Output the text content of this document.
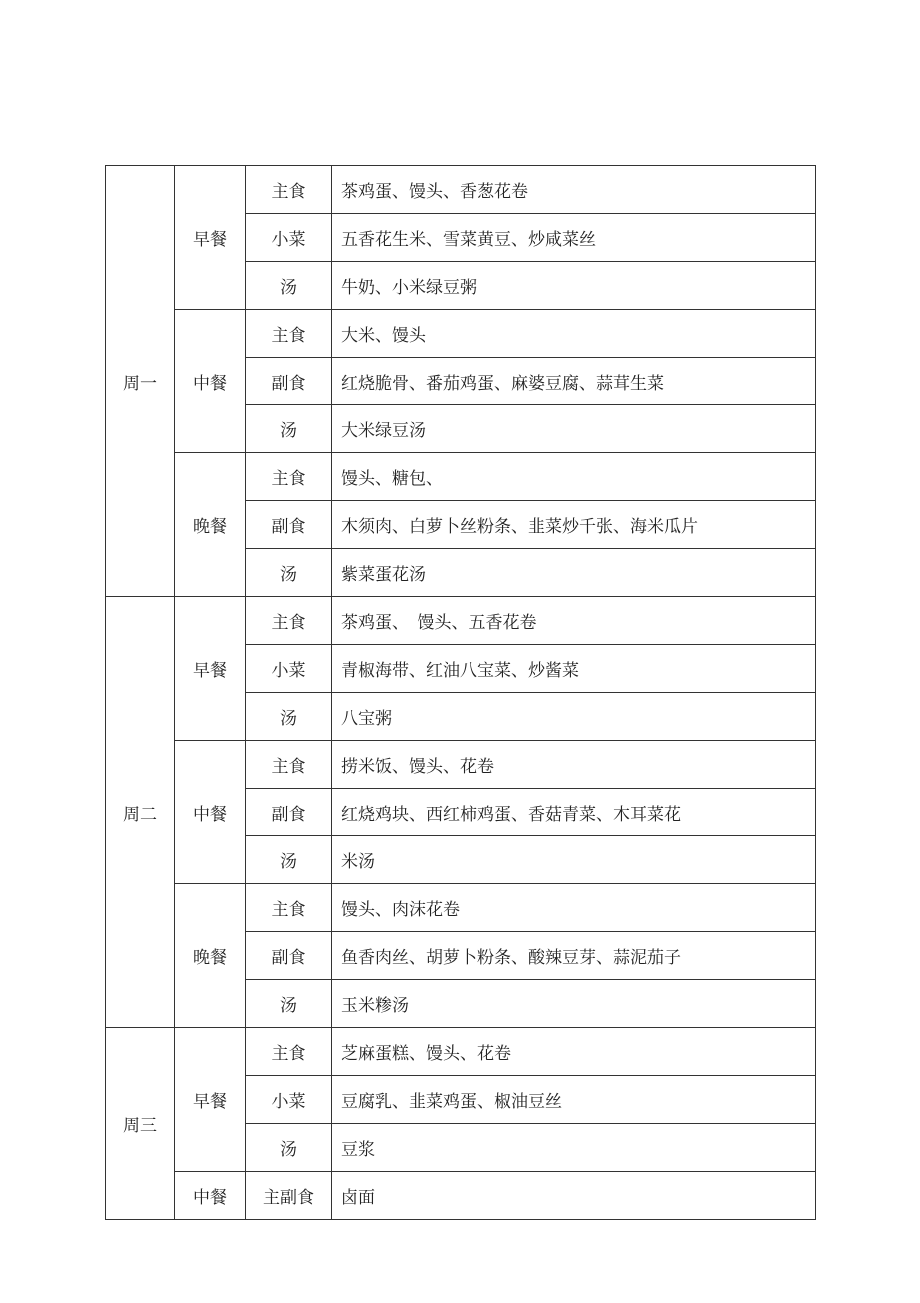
周一	早餐	主食	茶鸡蛋、馒头、香葱花卷
		小菜	五香花生米、雪菜黄豆、炒咸菜丝
		汤	牛奶、小米绿豆粥
	中餐	主食	大米、馒头
		副食	红烧脆骨、番茄鸡蛋、麻婆豆腐、蒜茸生菜
		汤	大米绿豆汤
	晚餐	主食	馒头、糖包、
		副食	木须肉、白萝卜丝粉条、韭菜炒千张、海米瓜片
		汤	紫菜蛋花汤
周二	早餐	主食	茶鸡蛋、　馒头、五香花卷
		小菜	青椒海带、红油八宝菜、炒酱菜
		汤	八宝粥
	中餐	主食	捞米饭、馒头、花卷
		副食	红烧鸡块、西红柿鸡蛋、香菇青菜、木耳菜花
		汤	米汤
	晚餐	主食	馒头、肉沫花卷
		副食	鱼香肉丝、胡萝卜粉条、酸辣豆芽、蒜泥茄子
		汤	玉米糁汤
周三	早餐	主食	芝麻蛋糕、馒头、花卷
		小菜	豆腐乳、韭菜鸡蛋、椒油豆丝
		汤	豆浆
	中餐	主副食	卤面
